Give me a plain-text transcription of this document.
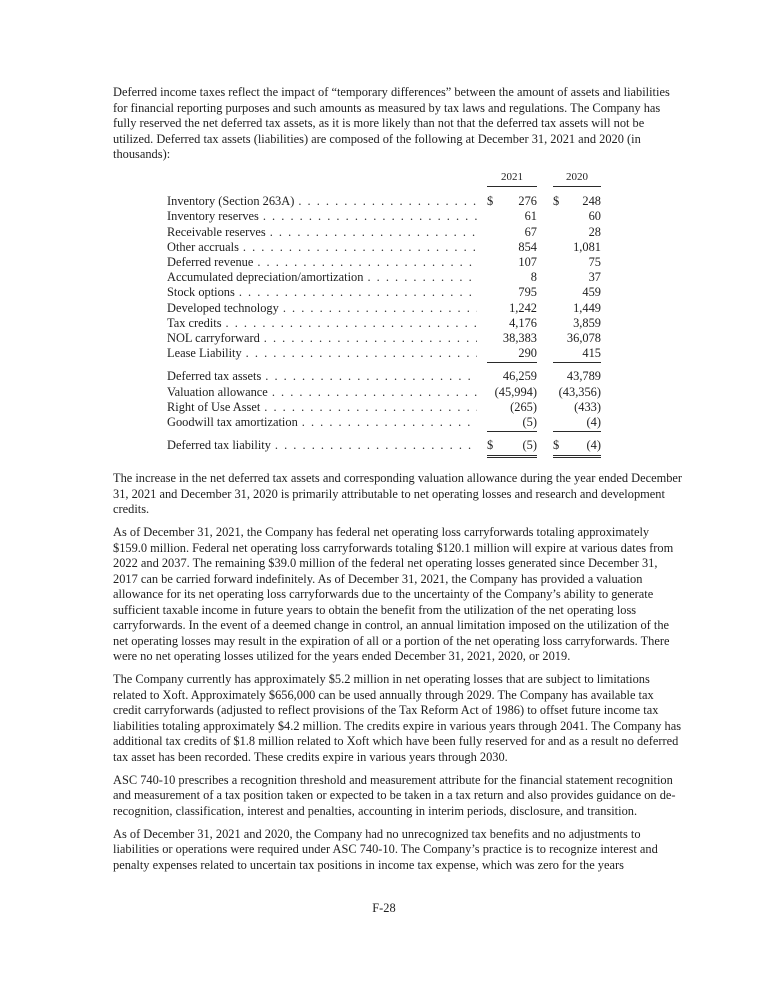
Deferred income taxes reflect the impact of “temporary differences” between the amount of assets and liabilities for financial reporting purposes and such amounts as measured by tax laws and regulations. The Company has fully reserved the net deferred tax assets, as it is more likely than not that the deferred tax assets will not be utilized. Deferred tax assets (liabilities) are composed of the following at December 31, 2021 and 2020 (in thousands):

2021	2020
Inventory (Section 263A) . . .	$ 276 $ 248
Inventory reserves . . .	61	60
Receivable reserves . . .	67	28
Other accruals . . .	854	1,081
Deferred revenue . . .	107	75
Accumulated depreciation/amortization . . .	8	37
Stock options . . .	795	459
Developed technology . . .	1,242	1,449
Tax credits . . .	4,176	3,859
NOL carryforward . . .	38,383 36,078
Lease Liability . . .	290	415
Deferred tax assets . . .	46,259 43,789
Valuation allowance . . .	(45,994) (43,356)
Right of Use Asset . . .	(265)	(433)
Goodwill tax amortization . . .	(5)	(4)
Deferred tax liability . . .	$ (5) $ (4)

The increase in the net deferred tax assets and corresponding valuation allowance during the year ended December 31, 2021 and December 31, 2020 is primarily attributable to net operating losses and research and development credits.

As of December 31, 2021, the Company has federal net operating loss carryforwards totaling approximately $159.0 million. Federal net operating loss carryforwards totaling $120.1 million will expire at various dates from 2022 and 2037. The remaining $39.0 million of the federal net operating losses generated since December 31, 2017 can be carried forward indefinitely. As of December 31, 2021, the Company has provided a valuation allowance for its net operating loss carryforwards due to the uncertainty of the Company’s ability to generate sufficient taxable income in future years to obtain the benefit from the utilization of the net operating loss carryforwards. In the event of a deemed change in control, an annual limitation imposed on the utilization of the net operating losses may result in the expiration of all or a portion of the net operating loss carryforwards. There were no net operating losses utilized for the years ended December 31, 2021, 2020, or 2019.

The Company currently has approximately $5.2 million in net operating losses that are subject to limitations related to Xoft. Approximately $656,000 can be used annually through 2029. The Company has available tax credit carryforwards (adjusted to reflect provisions of the Tax Reform Act of 1986) to offset future income tax liabilities totaling approximately $4.2 million. The credits expire in various years through 2041. The Company has additional tax credits of $1.8 million related to Xoft which have been fully reserved for and as a result no deferred tax asset has been recorded. These credits expire in various years through 2030.

ASC 740-10 prescribes a recognition threshold and measurement attribute for the financial statement recognition and measurement of a tax position taken or expected to be taken in a tax return and also provides guidance on de-recognition, classification, interest and penalties, accounting in interim periods, disclosure, and transition.

As of December 31, 2021 and 2020, the Company had no unrecognized tax benefits and no adjustments to liabilities or operations were required under ASC 740-10. The Company’s practice is to recognize interest and penalty expenses related to uncertain tax positions in income tax expense, which was zero for the years

F-28
